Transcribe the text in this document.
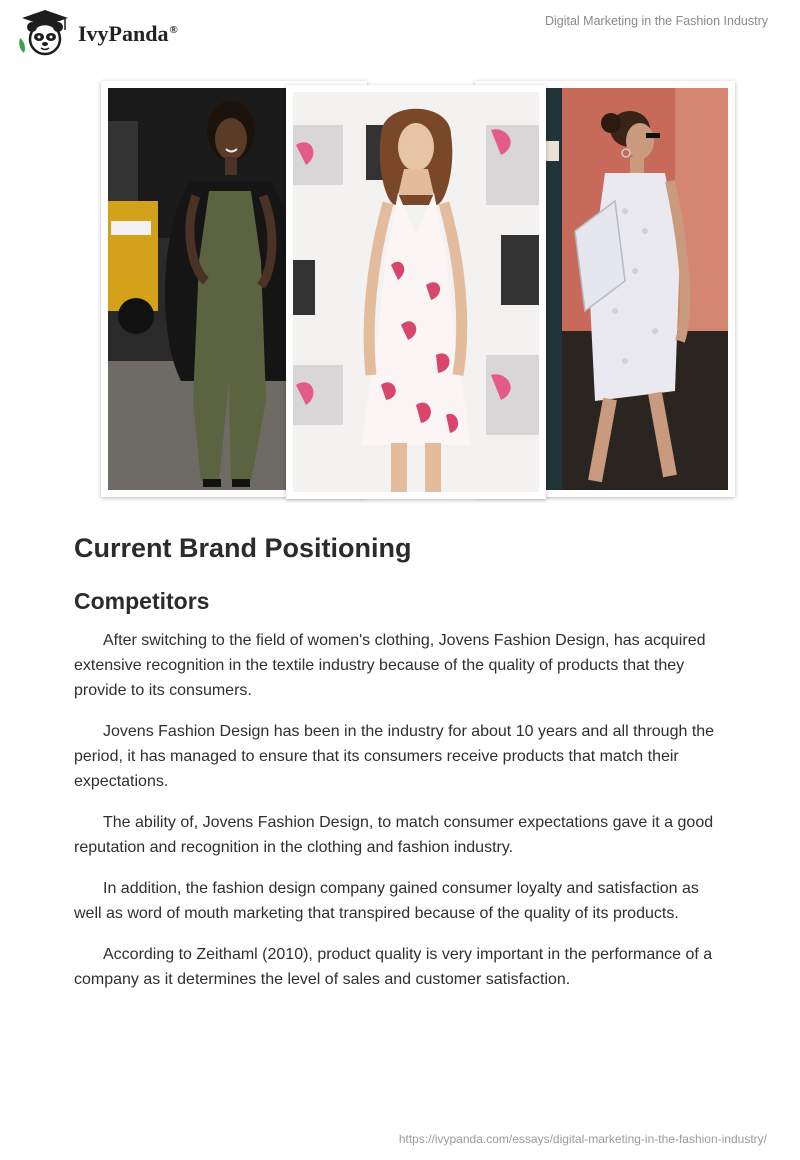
IvyPanda®
Digital Marketing in the Fashion Industry
Current Brand Positioning
Competitors

After switching to the field of women's clothing, Jovens Fashion Design, has acquired extensive recognition in the textile industry because of the quality of products that they provide to its consumers.

Jovens Fashion Design has been in the industry for about 10 years and all through the period, it has managed to ensure that its consumers receive products that match their expectations.

The ability of, Jovens Fashion Design, to match consumer expectations gave it a good reputation and recognition in the clothing and fashion industry.

In addition, the fashion design company gained consumer loyalty and satisfaction as well as word of mouth marketing that transpired because of the quality of its products.

According to Zeithaml (2010), product quality is very important in the performance of a company as it determines the level of sales and customer satisfaction.

https://ivypanda.com/essays/digital-marketing-in-the-fashion-industry/
